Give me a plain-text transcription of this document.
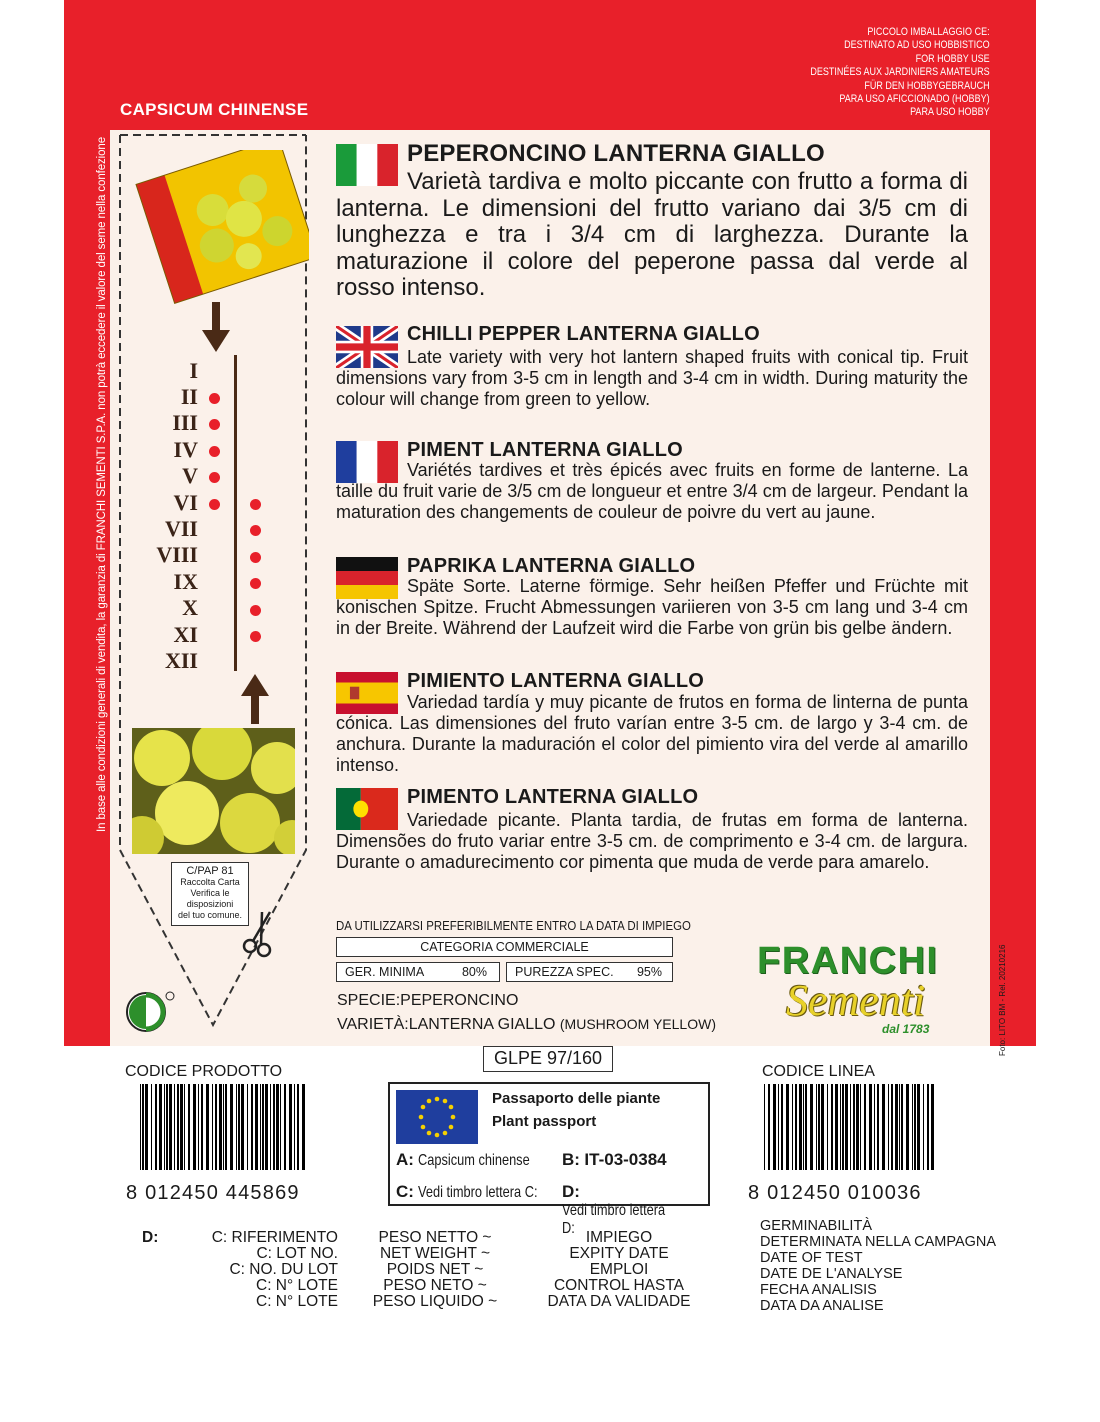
PICCOLO IMBALLAGGIO CE:
DESTINATO AD USO HOBBISTICO
FOR HOBBY USE
DESTINÉES AUX JARDINIERS AMATEURS
FÜR DEN HOBBYGEBRAUCH
PARA USO AFICCIONADO (HOBBY)
PARA USO HOBBY
CAPSICUM CHINENSE
In base alle condizioni generali di vendita, la garanzia di FRANCHI SEMENTI S.P.A. non potrà eccedere il valore del seme nella confezione	I
II
III
IV
V
VI
VII
VIII
IX
X
XI
XII
C/PAP 81
Raccolta Carta
Verifica le
disposizioni
del tuo comune.
PEPERONCINO LANTERNA GIALLO
Varietà tardiva e molto piccante con frutto a forma di lanterna. Le dimensioni del frutto variano dai 3/5 cm di lunghezza e tra i 3/4 cm di larghezza. Durante la maturazione il colore del peperone passa dal verde al rosso intenso.
CHILLI PEPPER LANTERNA GIALLO
Late variety with very hot lantern shaped fruits with conical tip. Fruit dimensions vary from 3-5 cm in length and 3-4 cm in width. During maturity the colour will change from green to yellow.
PIMENT LANTERNA GIALLO
Variétés tardives et très épicés avec fruits en forme de lanterne. La taille du fruit varie de 3/5 cm de longueur et entre 3/4 cm de largeur. Pendant la maturation des changements de couleur de poivre du vert au jaune.
PAPRIKA LANTERNA GIALLO
Späte Sorte. Laterne förmige. Sehr heißen Pfeffer und Früchte mit konischen Spitze. Frucht Abmessungen variieren von 3-5 cm lang und 3-4 cm in der Breite. Während der Laufzeit wird die Farbe von grün bis gelbe ändern.
PIMIENTO LANTERNA GIALLO
Variedad tardía y muy picante de frutos en forma de linterna de punta cónica. Las dimensiones del fruto varían entre 3-5 cm. de largo y 3-4 cm. de anchura. Durante la maduración el color del pimiento vira del verde al amarillo intenso.
PIMENTO LANTERNA GIALLO
Variedade picante. Planta tardia, de frutas em forma de lanterna. Dimensões do fruto variar entre 3-5 cm. de comprimento e 3-4 cm. de largura. Durante o amadurecimento cor pimenta que muda de verde para amarelo.
DA UTILIZZARSI PREFERIBILMENTE ENTRO LA DATA DI IMPIEGO
CATEGORIA COMMERCIALE
GER. MINIMA	80%	PUREZZA SPEC. 95%
SPECIE:PEPERONCINO
VARIETÀ:LANTERNA GIALLO (MUSHROOM YELLOW)
FRANCHI
Sementi
dal 1783	Foto: LITO BM - Rel. 20210216
CODICE PRODOTTO
8 012450 445869
GLPE 97/160
CODICE LINEA
8 012450 010036
Passaporto delle piante
Plant passport
A: Capsicum chinense	B: IT-03-0384
C: Vedi timbro lettera C:	D: Vedi timbro lettera D:
D:	C: RIFERIMENTO
C: LOT NO.
C: NO. DU LOT
C: N° LOTE
C: N° LOTE
PESO NETTO ~
NET WEIGHT ~
POIDS NET ~
PESO NETO ~
PESO LIQUIDO ~
IMPIEGO
EXPITY DATE
EMPLOI
CONTROL HASTA
DATA DA VALIDADE
GERMINABILITÀ
DETERMINATA NELLA CAMPAGNA
DATE OF TEST
DATE DE L'ANALYSE
FECHA ANALISIS
DATA DA ANALISE
